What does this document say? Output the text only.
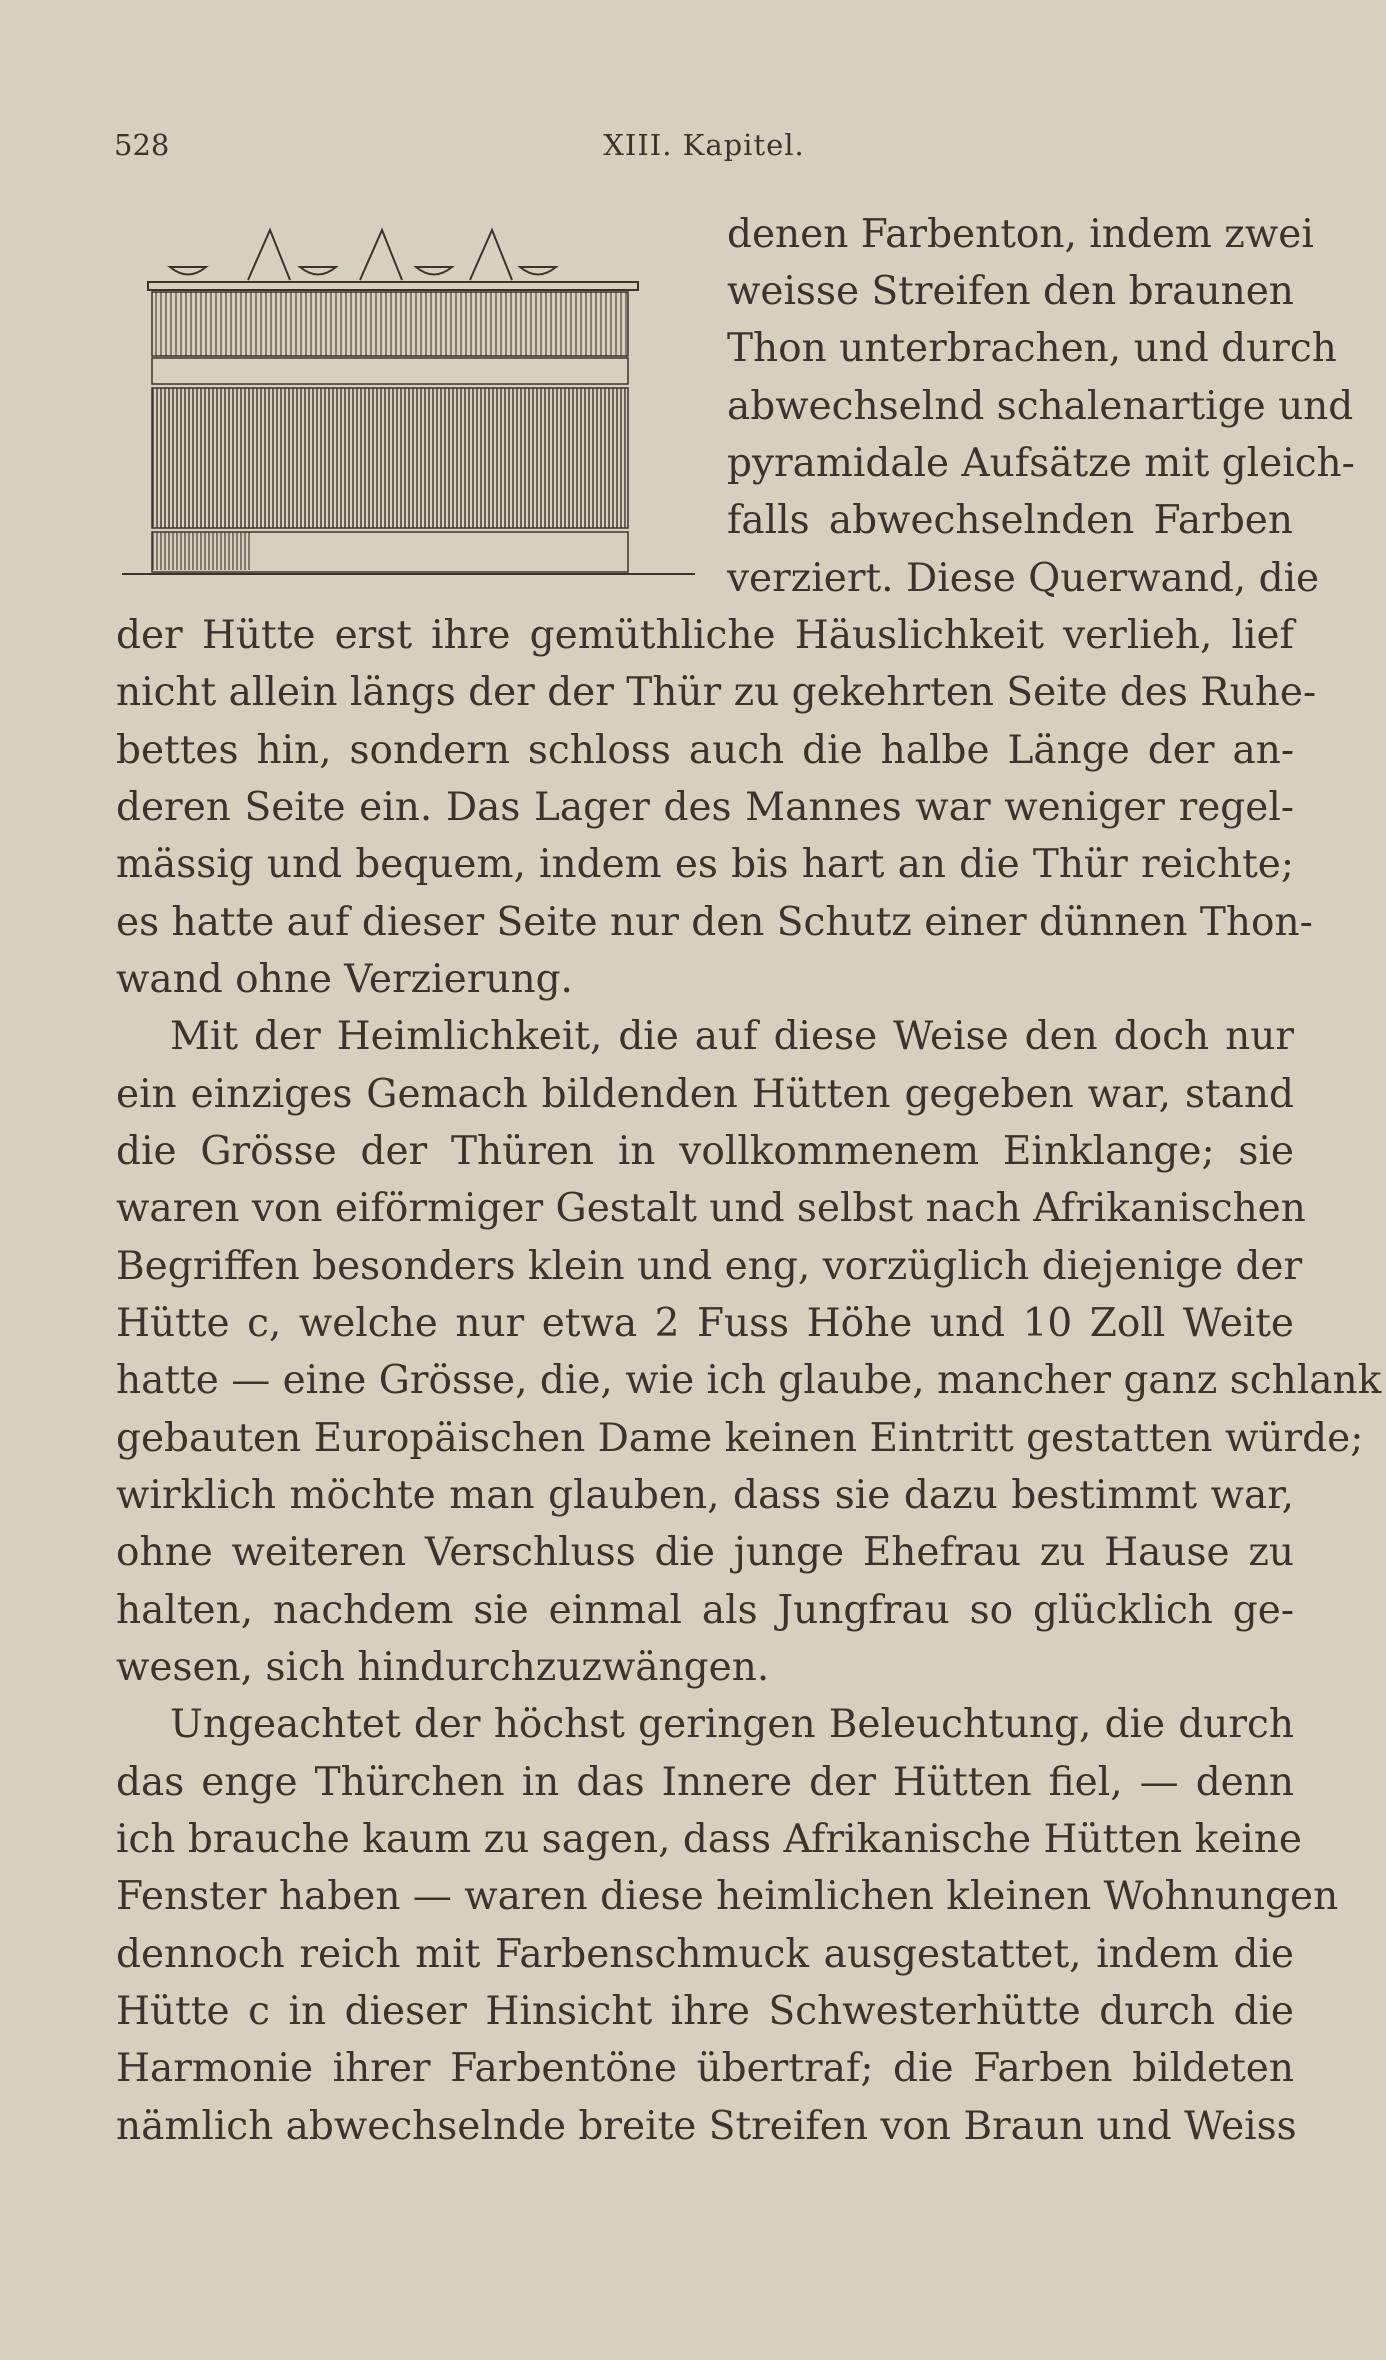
528	XIII. Kapitel.
denen Farbenton, indem zwei
weisse Streifen den braunen
Thon unterbrachen, und durch
abwechselnd schalenartige und
pyramidale Aufsätze mit gleich-
falls abwechselnden Farben
verziert. Diese Querwand, die
der Hütte erst ihre gemüthliche Häuslichkeit verlieh, lief
nicht allein längs der der Thür zu gekehrten Seite des Ruhe-
bettes hin, sondern schloss auch die halbe Länge der an-
deren Seite ein. Das Lager des Mannes war weniger regel-
mässig und bequem, indem es bis hart an die Thür reichte;
es hatte auf dieser Seite nur den Schutz einer dünnen Thon-
wand ohne Verzierung.
Mit der Heimlichkeit, die auf diese Weise den doch nur
ein einziges Gemach bildenden Hütten gegeben war, stand
die Grösse der Thüren in vollkommenem Einklange; sie
waren von eiförmiger Gestalt und selbst nach Afrikanischen
Begriffen besonders klein und eng, vorzüglich diejenige der
Hütte c, welche nur etwa 2 Fuss Höhe und 10 Zoll Weite
hatte — eine Grösse, die, wie ich glaube, mancher ganz schlank
gebauten Europäischen Dame keinen Eintritt gestatten würde;
wirklich möchte man glauben, dass sie dazu bestimmt war,
ohne weiteren Verschluss die junge Ehefrau zu Hause zu
halten, nachdem sie einmal als Jungfrau so glücklich ge-
wesen, sich hindurchzuzwängen.
Ungeachtet der höchst geringen Beleuchtung, die durch
das enge Thürchen in das Innere der Hütten fiel, — denn
ich brauche kaum zu sagen, dass Afrikanische Hütten keine
Fenster haben — waren diese heimlichen kleinen Wohnungen
dennoch reich mit Farbenschmuck ausgestattet, indem die
Hütte c in dieser Hinsicht ihre Schwesterhütte durch die
Harmonie ihrer Farbentöne übertraf; die Farben bildeten
nämlich abwechselnde breite Streifen von Braun und Weiss
